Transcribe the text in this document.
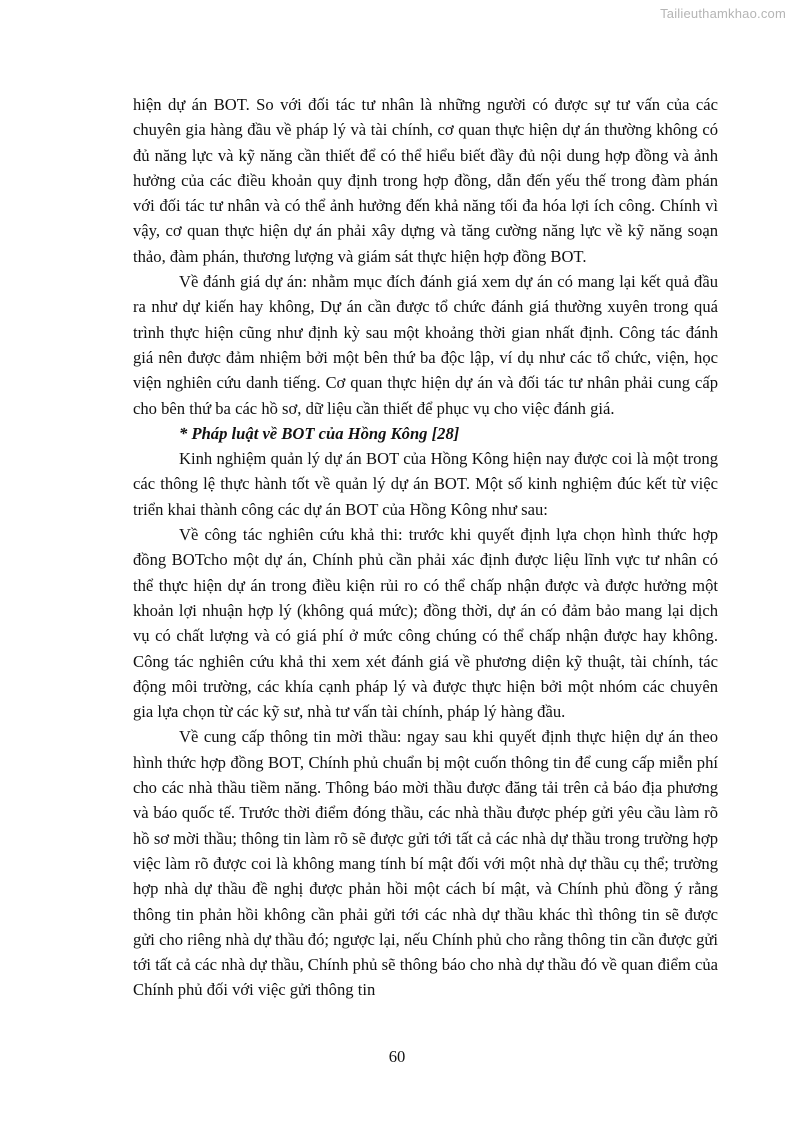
Tailieuthamkhao.com

hiện dự án BOT. So với đối tác tư nhân là những người có được sự tư vấn của các chuyên gia hàng đầu về pháp lý và tài chính, cơ quan thực hiện dự án thường không có đủ năng lực và kỹ năng cần thiết để có thể hiểu biết đầy đủ nội dung hợp đồng và ảnh hưởng của các điều khoản quy định trong hợp đồng, dẫn đến yếu thế trong đàm phán với đối tác tư nhân và có thể ảnh hưởng đến khả năng tối đa hóa lợi ích công. Chính vì vậy, cơ quan thực hiện dự án phải xây dựng và tăng cường năng lực về kỹ năng soạn thảo, đàm phán, thương lượng và giám sát thực hiện hợp đồng BOT.

Về đánh giá dự án: nhằm mục đích đánh giá xem dự án có mang lại kết quả đầu ra như dự kiến hay không, Dự án cần được tổ chức đánh giá thường xuyên trong quá trình thực hiện cũng như định kỳ sau một khoảng thời gian nhất định. Công tác đánh giá nên được đảm nhiệm bởi một bên thứ ba độc lập, ví dụ như các tổ chức, viện, học viện nghiên cứu danh tiếng. Cơ quan thực hiện dự án và đối tác tư nhân phải cung cấp cho bên thứ ba các hồ sơ, dữ liệu cần thiết để phục vụ cho việc đánh giá.

* Pháp luật về BOT của Hồng Kông [28]

Kinh nghiệm quản lý dự án BOT của Hồng Kông hiện nay được coi là một trong các thông lệ thực hành tốt về quản lý dự án BOT. Một số kinh nghiệm đúc kết từ việc triển khai thành công các dự án BOT của Hồng Kông như sau:

Về công tác nghiên cứu khả thi: trước khi quyết định lựa chọn hình thức hợp đồng BOTcho một dự án, Chính phủ cần phải xác định được liệu lĩnh vực tư nhân có thể thực hiện dự án trong điều kiện rủi ro có thể chấp nhận được và được hưởng một khoản lợi nhuận hợp lý (không quá mức); đồng thời, dự án có đảm bảo mang lại dịch vụ có chất lượng và có giá phí ở mức công chúng có thể chấp nhận được hay không. Công tác nghiên cứu khả thi xem xét đánh giá về phương diện kỹ thuật, tài chính, tác động môi trường, các khía cạnh pháp lý và được thực hiện bởi một nhóm các chuyên gia lựa chọn từ các kỹ sư, nhà tư vấn tài chính, pháp lý hàng đầu.

Về cung cấp thông tin mời thầu: ngay sau khi quyết định thực hiện dự án theo hình thức hợp đồng BOT, Chính phủ chuẩn bị một cuốn thông tin để cung cấp miễn phí cho các nhà thầu tiềm năng. Thông báo mời thầu được đăng tải trên cả báo địa phương và báo quốc tế. Trước thời điểm đóng thầu, các nhà thầu được phép gửi yêu cầu làm rõ hồ sơ mời thầu; thông tin làm rõ sẽ được gửi tới tất cả các nhà dự thầu trong trường hợp việc làm rõ được coi là không mang tính bí mật đối với một nhà dự thầu cụ thể; trường hợp nhà dự thầu đề nghị được phản hồi một cách bí mật, và Chính phủ đồng ý rằng thông tin phản hồi không cần phải gửi tới các nhà dự thầu khác thì thông tin sẽ được gửi cho riêng nhà dự thầu đó; ngược lại, nếu Chính phủ cho rằng thông tin cần được gửi tới tất cả các nhà dự thầu, Chính phủ sẽ thông báo cho nhà dự thầu đó về quan điểm của Chính phủ đối với việc gửi thông tin

60
